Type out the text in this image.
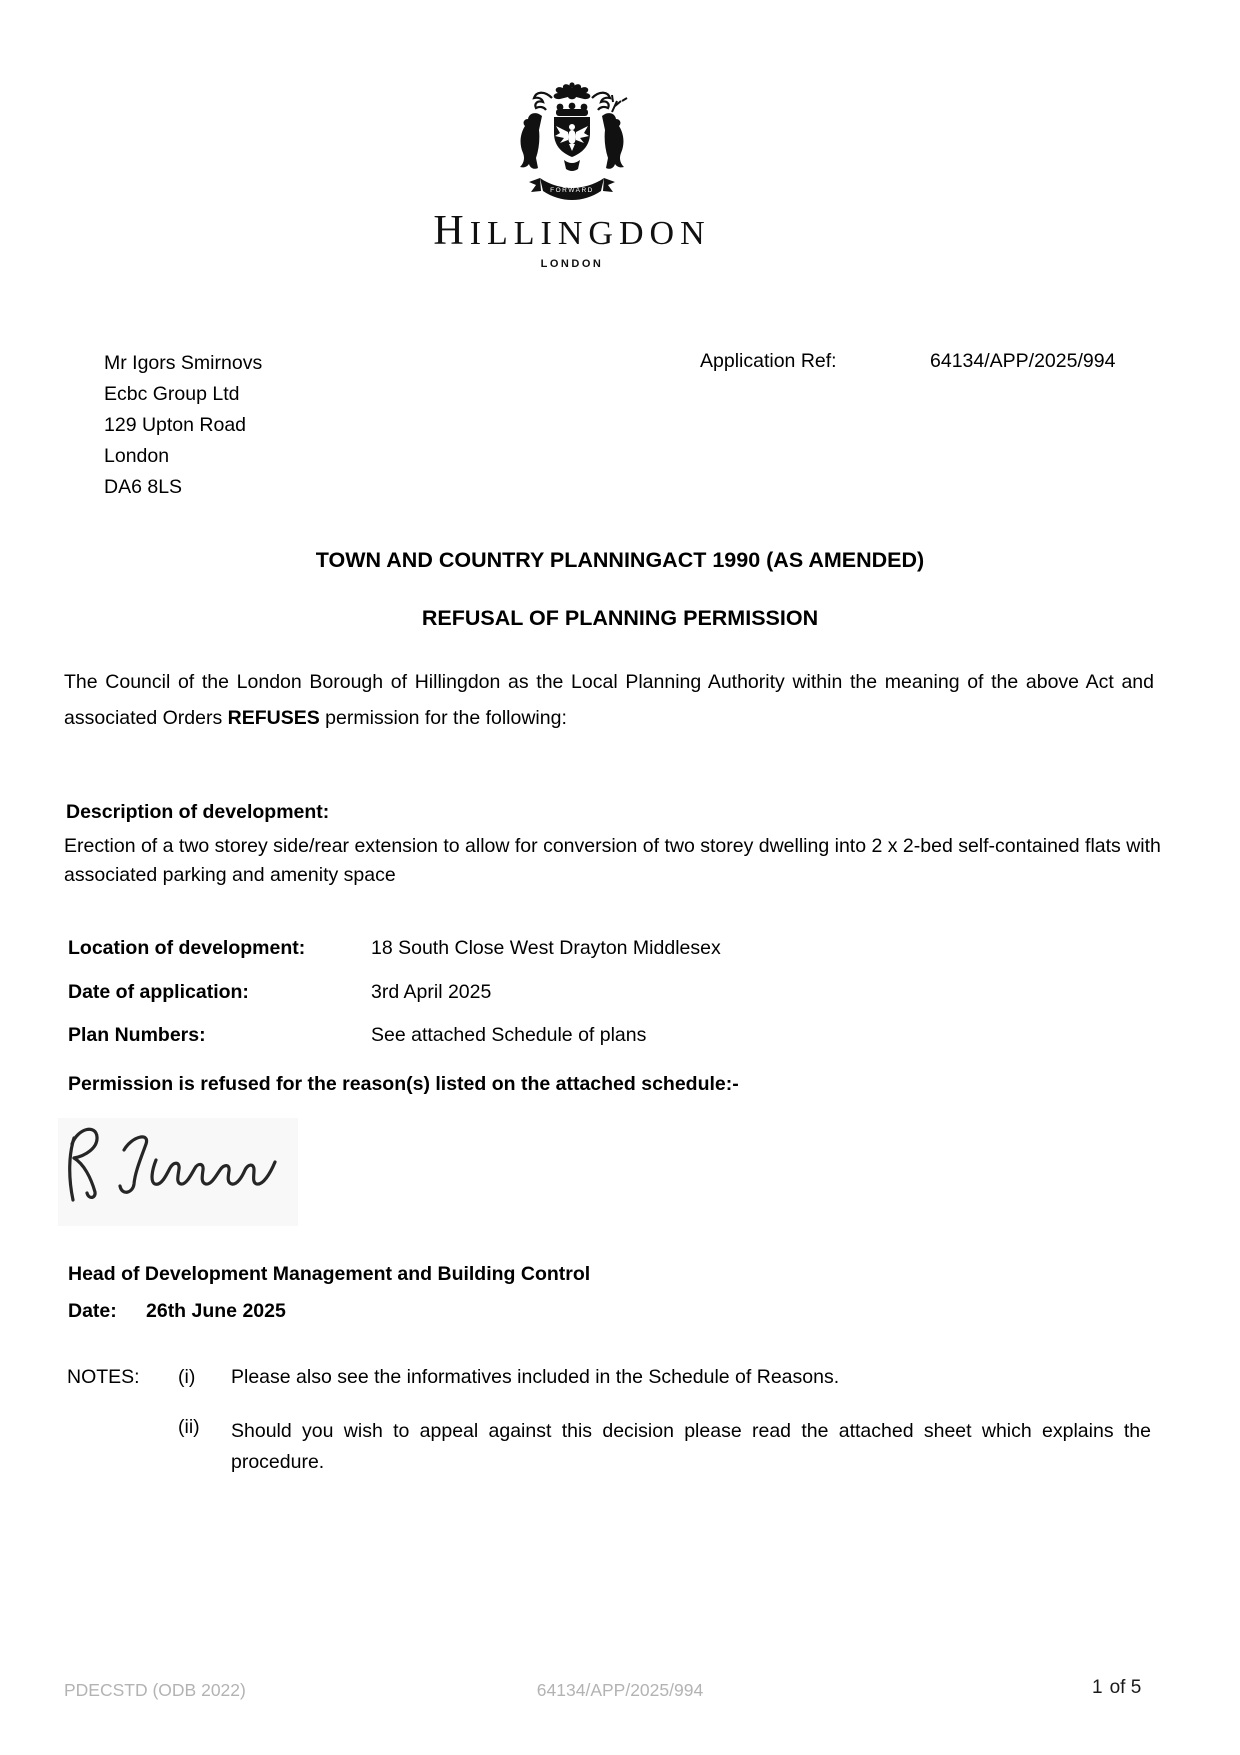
FORWARD
HILLINGDON
LONDON
Mr Igors Smirnovs
Ecbc Group Ltd
129 Upton Road
London
DA6 8LS
Application Ref:	64134/APP/2025/994
TOWN AND COUNTRY PLANNINGACT 1990 (AS AMENDED)
REFUSAL OF PLANNING PERMISSION
The Council of the London Borough of Hillingdon as the Local Planning Authority within the meaning of the above Act and associated Orders REFUSES permission for the following:
Description of development:
Erection of a two storey side/rear extension to allow for conversion of two storey dwelling into 2 x 2-bed self-contained flats with associated parking and amenity space
Location of development:	18 South Close West Drayton Middlesex
Date of application:	3rd April 2025
Plan Numbers:	See attached Schedule of plans
Permission is refused for the reason(s) listed on the attached schedule:-
Head of Development Management and Building Control
Date: 26th June 2025
NOTES: (i) Please also see the informatives included in the Schedule of Reasons.
(ii) Should you wish to appeal against this decision please read the attached sheet which explains the procedure.
PDECSTD (ODB 2022)	64134/APP/2025/994	1 of 5
